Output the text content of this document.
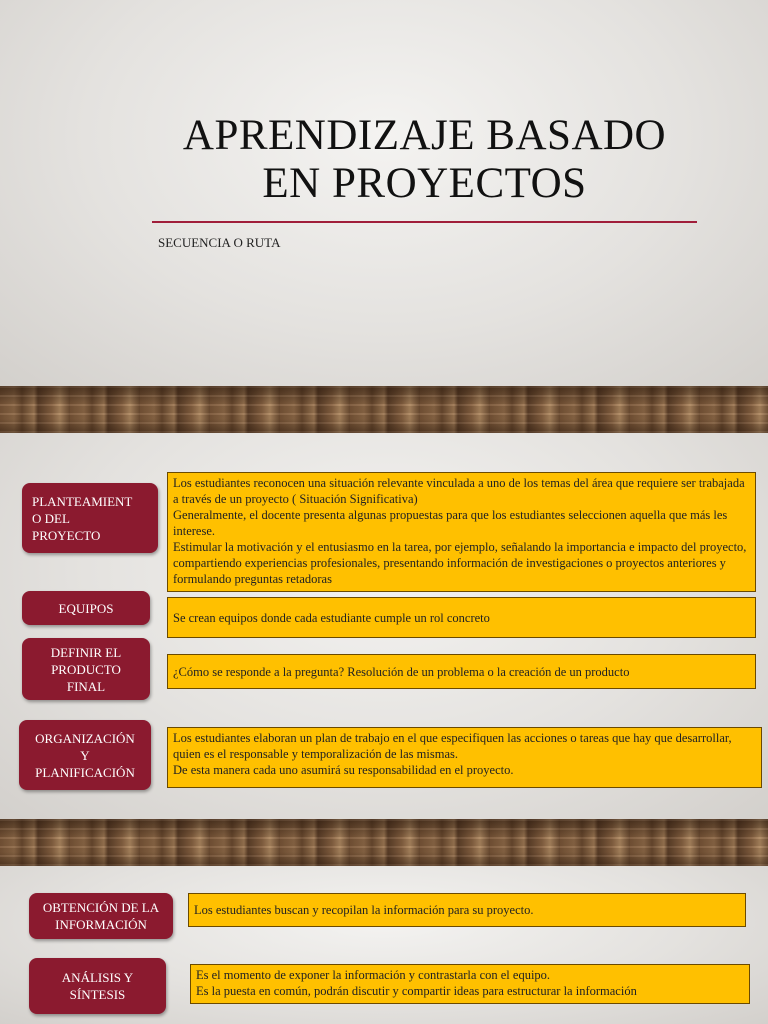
APRENDIZAJE BASADO
EN PROYECTOS
SECUENCIA O RUTA
PLANTEAMIENT
O DEL
PROYECTO
Los estudiantes reconocen una situación relevante vinculada a uno de los temas del área que requiere ser trabajada a través de un proyecto ( Situación Significativa)
Generalmente, el docente presenta algunas propuestas para que los estudiantes seleccionen aquella que más les interese.
Estimular la motivación y el entusiasmo en la tarea, por ejemplo, señalando la importancia e impacto del proyecto, compartiendo experiencias profesionales, presentando información de investigaciones o proyectos anteriores y formulando preguntas retadoras
EQUIPOS
Se crean equipos donde cada estudiante cumple un rol concreto
DEFINIR EL
PRODUCTO
FINAL
¿Cómo se responde a la pregunta? Resolución de un problema o la creación de un producto
ORGANIZACIÓN
Y
PLANIFICACIÓN
Los estudiantes elaboran un plan de trabajo en el que especifiquen las acciones o tareas que hay que desarrollar, quien es el responsable y temporalización de las mismas.
De esta manera cada uno asumirá su responsabilidad en el proyecto.
OBTENCIÓN DE LA
INFORMACIÓN
Los estudiantes buscan y recopilan la información para su proyecto.
ANÁLISIS Y
SÍNTESIS
Es el momento de exponer la información y contrastarla con el equipo.
Es la puesta en común, podrán discutir y compartir ideas para estructurar la información
